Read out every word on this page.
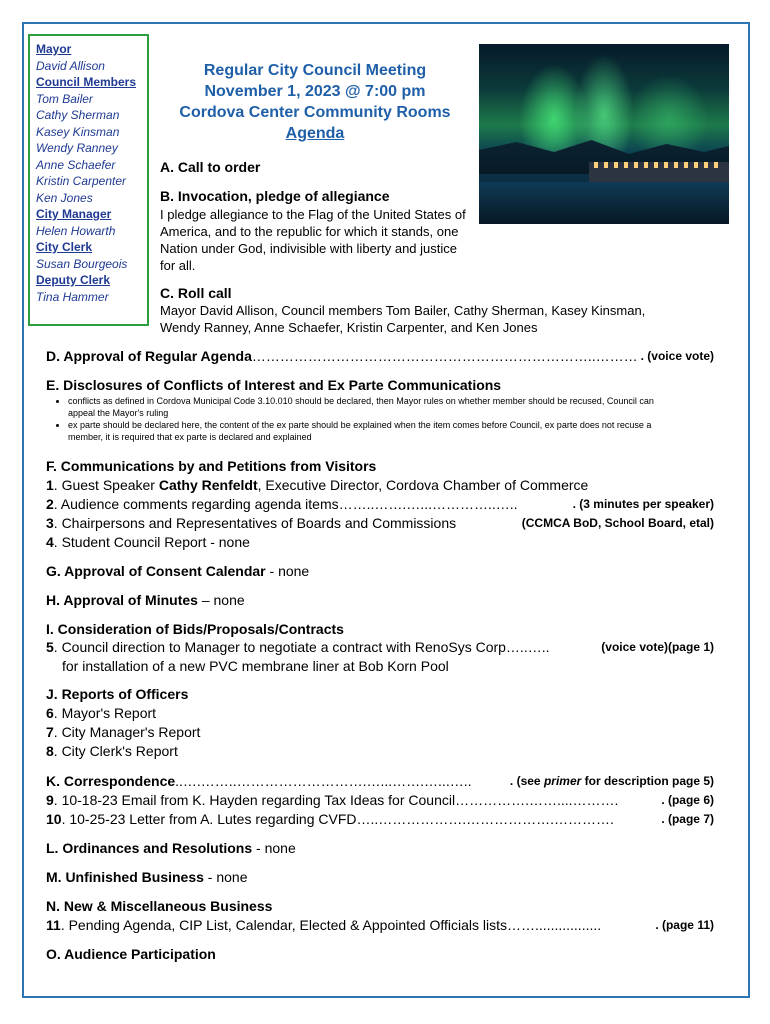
Mayor
David Allison
Council Members
Tom Bailer
Cathy Sherman
Kasey Kinsman
Wendy Ranney
Anne Schaefer
Kristin Carpenter
Ken Jones
City Manager
Helen Howarth
City Clerk
Susan Bourgeois
Deputy Clerk
Tina Hammer
Regular City Council Meeting
November 1, 2023 @ 7:00 pm
Cordova Center Community Rooms
Agenda
A. Call to order
B. Invocation, pledge of allegiance
I pledge allegiance to the Flag of the United States of America, and to the republic for which it stands, one Nation under God, indivisible with liberty and justice for all.
C. Roll call
Mayor David Allison, Council members Tom Bailer, Cathy Sherman, Kasey Kinsman, Wendy Ranney, Anne Schaefer, Kristin Carpenter, and Ken Jones
D. Approval of Regular Agenda………………………………………………………………..……… . (voice vote)
E. Disclosures of Conflicts of Interest and Ex Parte Communications
• conflicts as defined in Cordova Municipal Code 3.10.010 should be declared, then Mayor rules on whether member should be recused, Council can appeal the Mayor's ruling
• ex parte should be declared here, the content of the ex parte should be explained when the item comes before Council, ex parte does not recuse a member, it is required that ex parte is declared and explained
F. Communications by and Petitions from Visitors
1. Guest Speaker Cathy Renfeldt, Executive Director, Cordova Chamber of Commerce
2. Audience comments regarding agenda items……..…….…...…………..…..	. (3 minutes per speaker)
3. Chairpersons and Representatives of Boards and Commissions	(CCMCA BoD, School Board, etal)
4. Student Council Report - none
G. Approval of Consent Calendar - none
H. Approval of Minutes – none
I. Consideration of Bids/Proposals/Contracts
5. Council direction to Manager to negotiate a contract with RenoSys Corp…..…..	(voice vote)(page 1)
for installation of a new PVC membrane liner at Bob Korn Pool
J. Reports of Officers
6. Mayor's Report
7. City Manager's Report
8. City Clerk's Report
K. Correspondence..….……..……………………….…...…….…...…..	. (see primer for description page 5)
9. 10-18-23 Email from K. Hayden regarding Tax Ideas for Council…………….……....……….	. (page 6)
10. 10-25-23 Letter from A. Lutes regarding CVFD…..……………….……………….………….	. (page 7)
L. Ordinances and Resolutions - none
M. Unfinished Business - none
N. New & Miscellaneous Business
11. Pending Agenda, CIP List, Calendar, Elected & Appointed Officials lists…….................	. (page 11)
O. Audience Participation
